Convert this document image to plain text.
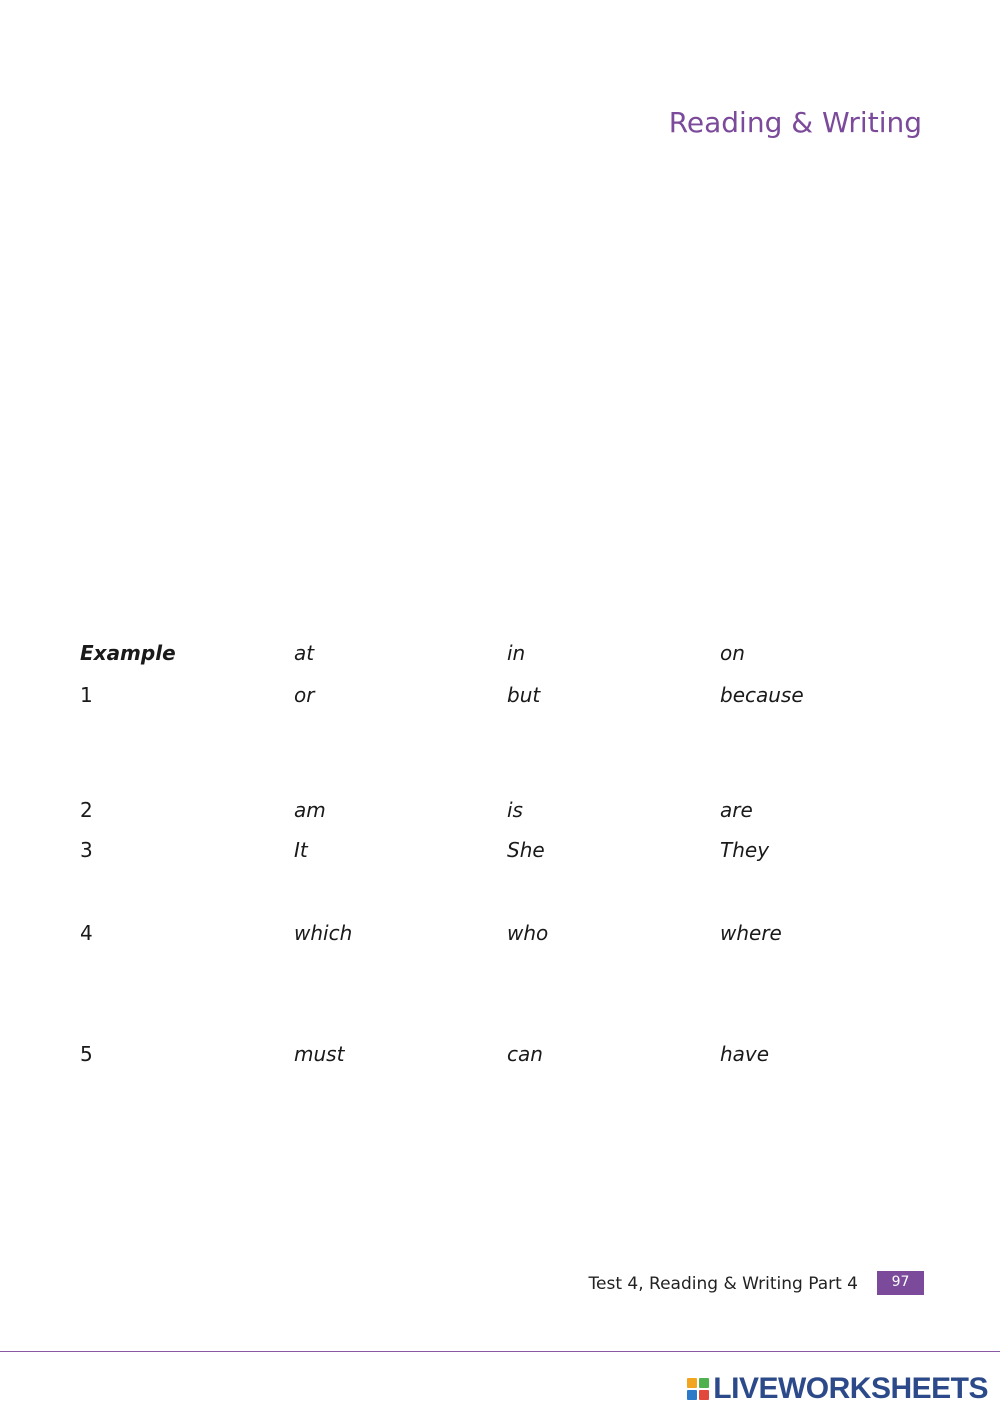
Reading & Writing
Example	at	in	on
1	or	but	because
2	am	is	are
3	It	She	They
4	which	who	where
5	must	can	have
Test 4, Reading & Writing Part 4	97
LIVEWORKSHEETS
